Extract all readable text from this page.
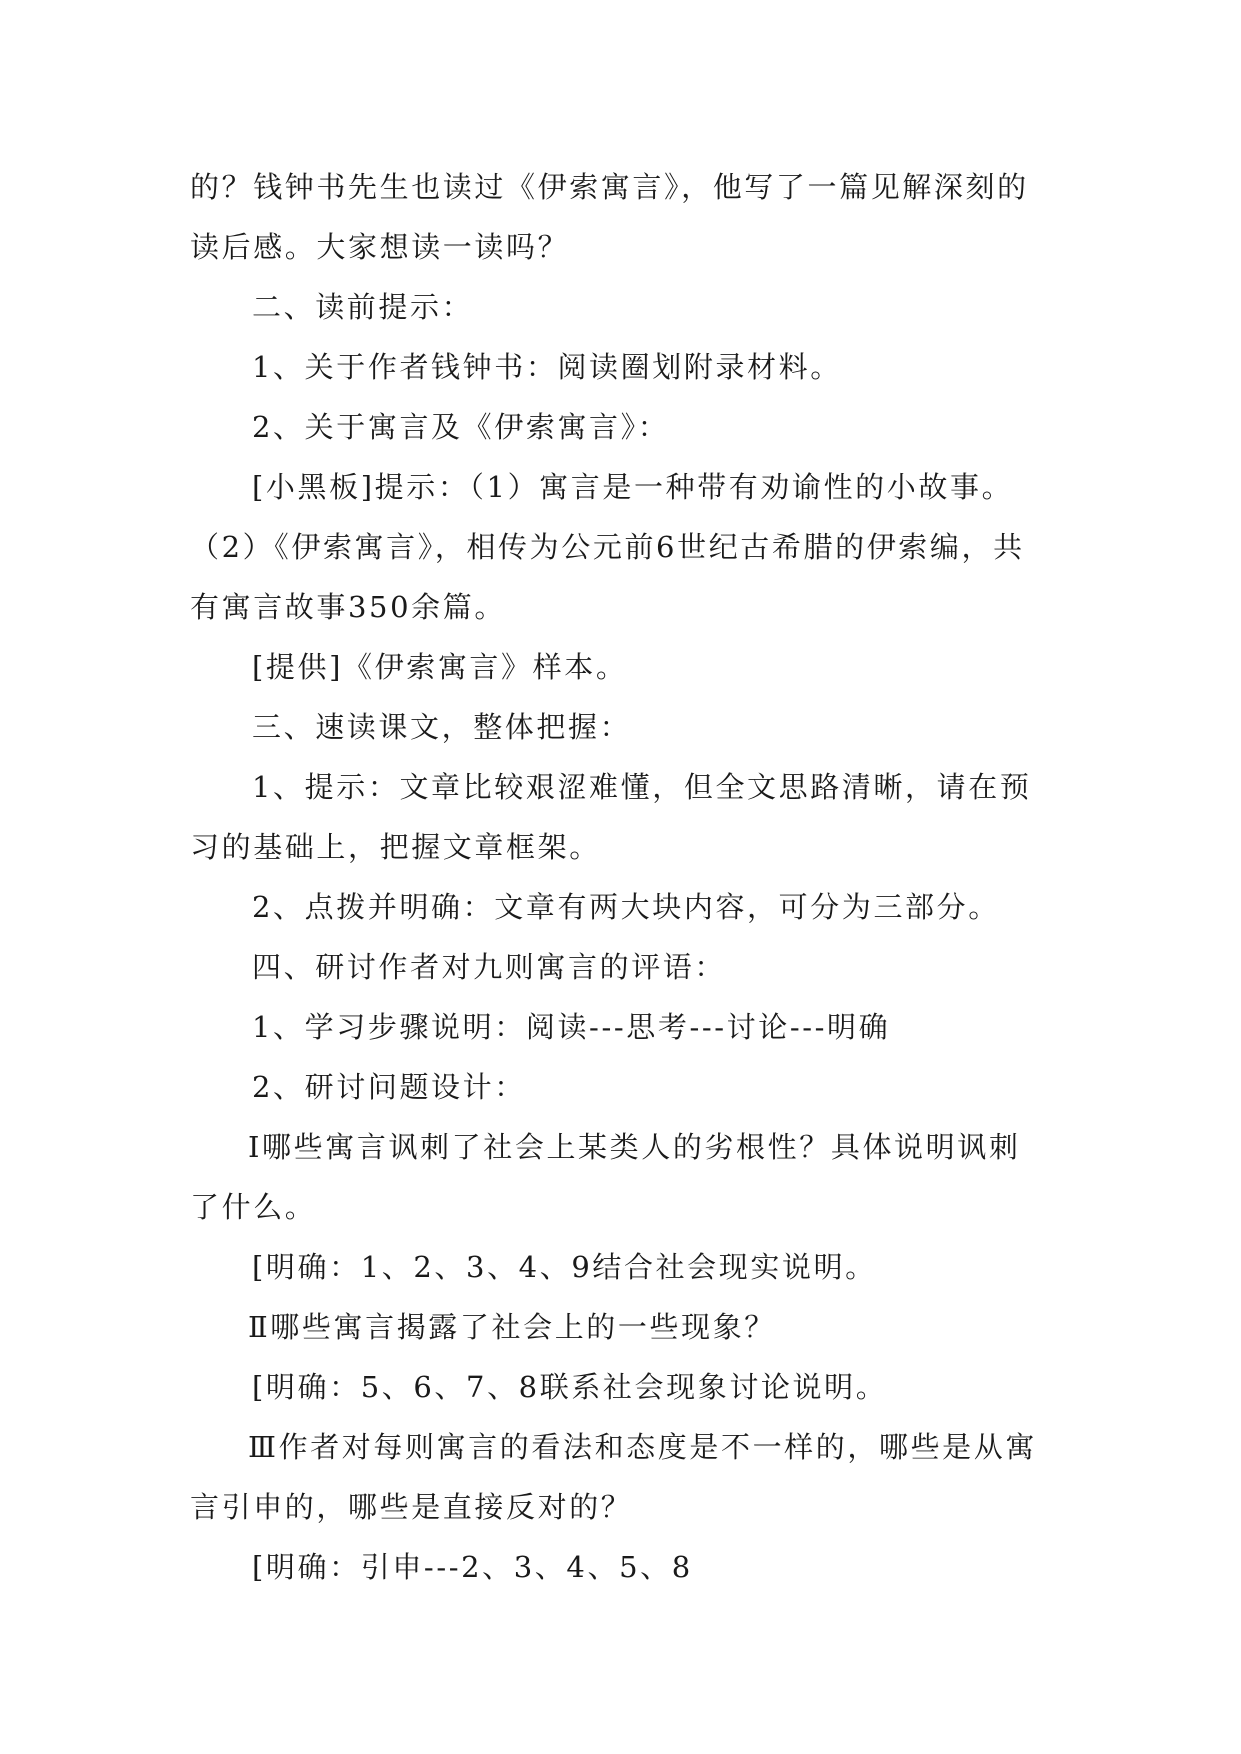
的？钱钟书先生也读过《伊索寓言》，他写了一篇见解深刻的读后感。大家想读一读吗？

二、读前提示：

1、关于作者钱钟书：阅读圈划附录材料。

2、关于寓言及《伊索寓言》：

[小黑板]提示：（1）寓言是一种带有劝谕性的小故事。（2）《伊索寓言》，相传为公元前6世纪古希腊的伊索编，共有寓言故事350余篇。

[提供]《伊索寓言》样本。

三、速读课文，整体把握：

1、提示：文章比较艰涩难懂，但全文思路清晰，请在预习的基础上，把握文章框架。

2、点拨并明确：文章有两大块内容，可分为三部分。

四、研讨作者对九则寓言的评语：

1、学习步骤说明：阅读---思考---讨论---明确

2、研讨问题设计：

Ⅰ哪些寓言讽刺了社会上某类人的劣根性？具体说明讽刺了什么。

[明确：1、2、3、4、9结合社会现实说明。

Ⅱ哪些寓言揭露了社会上的一些现象？

[明确：5、6、7、8联系社会现象讨论说明。

Ⅲ作者对每则寓言的看法和态度是不一样的，哪些是从寓言引申的，哪些是直接反对的？

[明确：引申---2、3、4、5、8
